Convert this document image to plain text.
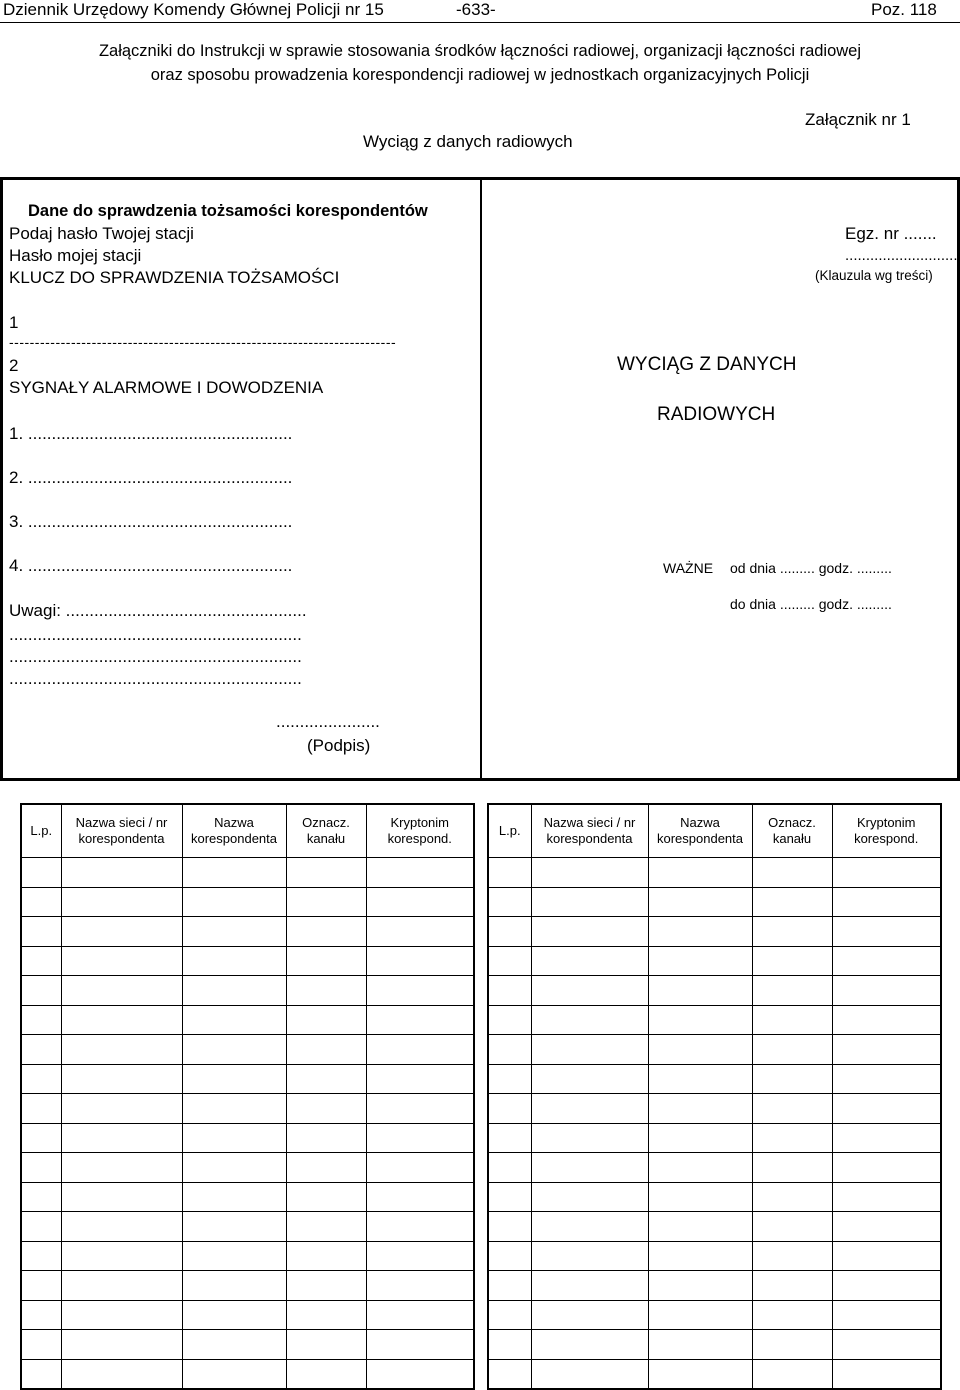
Dziennik Urzędowy Komendy Głównej Policji nr 15	-633-	Poz. 118
Załączniki do Instrukcji w sprawie stosowania środków łączności radiowej, organizacji łączności radiowej
oraz sposobu prowadzenia korespondencji radiowej w jednostkach organizacyjnych Policji
Załącznik nr 1
Wyciąg z danych radiowych
Dane do sprawdzenia tożsamości korespondentów
Podaj hasło Twojej stacji
Hasło mojej stacji
KLUCZ DO SPRAWDZENIA TOŻSAMOŚCI
1
---------------------------------------------------------------------------
2
SYGNAŁY ALARMOWE I DOWODZENIA
1. ........................................................
2. ........................................................
3. ........................................................
4. ........................................................
Uwagi: ...................................................
..............................................................
..............................................................
..............................................................
......................
(Podpis)
Egz. nr .......
...........................
(Klauzula wg treści)
WYCIĄG Z DANYCH
RADIOWYCH
WAŻNE od dnia ......... godz. .........
do dnia ......... godz. .........
L.p.	Nazwa sieci / nr korespondenta	Nazwa korespondenta	Oznacz. kanału	Kryptonim korespond.

L.p.	Nazwa sieci / nr korespondenta	Nazwa korespondenta	Oznacz. kanału	Kryptonim korespond.
